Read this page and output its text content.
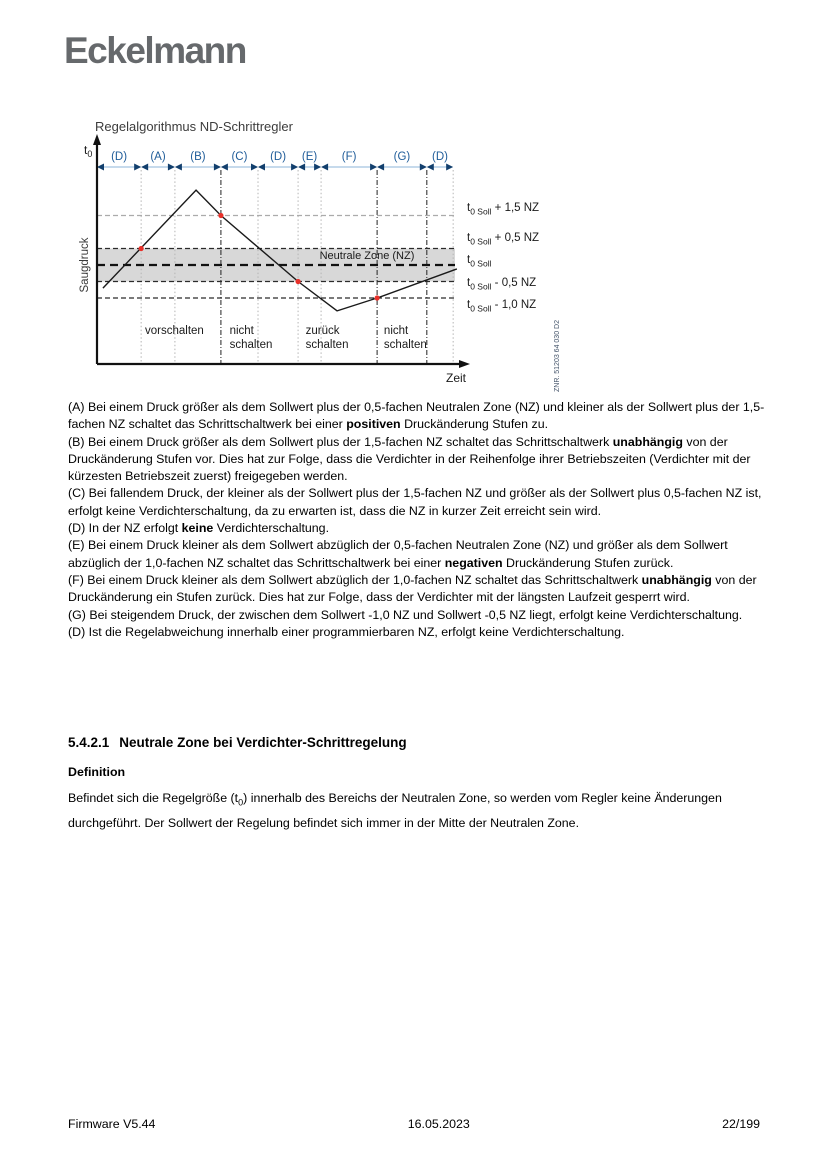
Eckelmann
Regelalgorithmus ND-Schrittregler
(D) (A) (B) (C) (D) (E) (F)	(G) (D)
Neutrale Zone (NZ)
$t_0$
Zeit
Saugdruck
vorschalten nicht schalten
zurück schalten
nicht schalten
$t_{0 Soll} + 1,5$ NZ
$t_{0 Soll} + 0,5$ NZ
$t_{0 Soll}$
$t_{0 Soll} - 0,5$ NZ
$t_{0 Soll} - 1,0$ NZ
ZNR. 51203 64 030 D2

(A) Bei einem Druck größer als dem Sollwert plus der 0,5-fachen Neutralen Zone (NZ) und kleiner als der Sollwert plus der 1,5-fachen NZ schaltet das Schrittschaltwerk bei einer positiven Druckänderung Stufen zu.

(B) Bei einem Druck größer als dem Sollwert plus der 1,5-fachen NZ schaltet das Schrittschaltwerk unabhängig von der Druckänderung Stufen vor. Dies hat zur Folge, dass die Verdichter in der Reihenfolge ihrer Betriebszeiten (Verdichter mit der kürzesten Betriebszeit zuerst) freigegeben werden.

(C) Bei fallendem Druck, der kleiner als der Sollwert plus der 1,5-fachen NZ und größer als der Sollwert plus 0,5-fachen NZ ist, erfolgt keine Verdichterschaltung, da zu erwarten ist, dass die NZ in kurzer Zeit erreicht sein wird.

(D) In der NZ erfolgt keine Verdichterschaltung.

(E) Bei einem Druck kleiner als dem Sollwert abzüglich der 0,5-fachen Neutralen Zone (NZ) und größer als dem Sollwert abzüglich der 1,0-fachen NZ schaltet das Schrittschaltwerk bei einer negativen Druckänderung Stufen zurück.

(F) Bei einem Druck kleiner als dem Sollwert abzüglich der 1,0-fachen NZ schaltet das Schrittschaltwerk unabhängig von der Druckänderung ein Stufen zurück. Dies hat zur Folge, dass der Verdichter mit der längsten Laufzeit gesperrt wird.

(G) Bei steigendem Druck, der zwischen dem Sollwert -1,0 NZ und Sollwert -0,5 NZ liegt, erfolgt keine Verdichterschaltung.

(D) Ist die Regelabweichung innerhalb einer programmierbaren NZ, erfolgt keine Verdichterschaltung.

5.4.2.1 Neutrale Zone bei Verdichter-Schrittregelung
Definition
Befindet sich die Regelgröße $(t_0)$ innerhalb des Bereichs der Neutralen Zone, so werden vom Regler keine Änderungen durchgeführt. Der Sollwert der Regelung befindet sich immer in der Mitte der Neutralen Zone.
Firmware V5.44	16.05.2023	22/199
